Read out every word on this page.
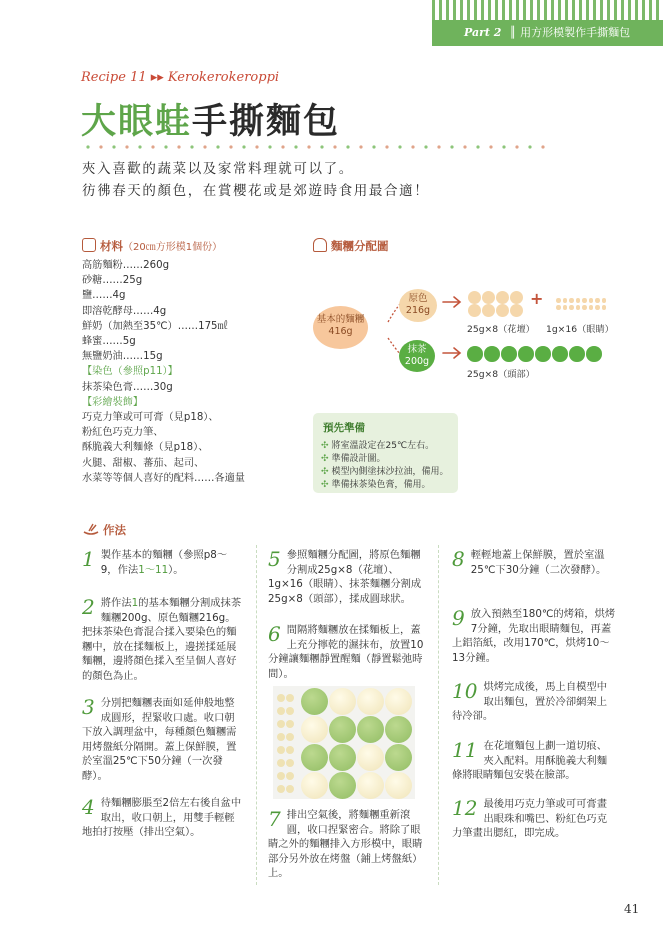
Part 2 ║ 用方形模製作手撕麵包
Recipe 11 ▸▸ Kerokerokeroppi
大眼蛙手撕麵包
夾入喜歡的蔬菜以及家常料理就可以了。
彷彿春天的顏色，在賞櫻花或是郊遊時食用最合適！
材料（20㎝方形模1個份）
高筋麵粉……260g
砂糖……25g
鹽……4g
即溶乾酵母……4g
鮮奶（加熱至35℃）……175㎖
蜂蜜……5g
無鹽奶油……15g
【染色（參照p11）】
抹茶染色膏……30g
【彩繪裝飾】
巧克力筆或可可膏（見p18）、
粉紅色巧克力筆、
酥脆義大利麵條（見p18）、
火腿、甜椒、蕃茄、起司、
水菜等等個人喜好的配料……各適量
麵糰分配圖
基本的麵糰
416g
原色
216g
抹茶
200g
+
25g×8（花壇） 1g×16（眼睛）
25g×8（頭部）
預先準備
✣ 將室溫設定在25℃左右。
✣ 準備設計圖。
✣ 模型內側塗抹沙拉油，備用。
✣ 準備抹茶染色膏，備用。
作法
1 製作基本的麵糰（參照p8～9，作法1～11）。
2 將作法1的基本麵糰分割成抹茶麵糰200g、原色麵糰216g。把抹茶染色膏混合揉入要染色的麵糰中，放在揉麵板上，邊搓揉延展麵糰，邊將顏色揉入至呈個人喜好的顏色為止。
3 分別把麵糰表面如延伸般地整成圓形，捏緊收口處。收口朝下放入調理盆中，每種顏色麵糰需用烤盤紙分隔開。蓋上保鮮膜，置於室溫25℃下50分鐘（一次發酵）。
4 待麵糰膨脹至2倍左右後自盆中取出，收口朝上，用雙手輕輕地拍打按壓（排出空氣）。
5 參照麵糰分配圖，將原色麵糰分割成25g×8（花壇）、1g×16（眼睛）、抹茶麵糰分割成25g×8（頭部），揉成圓球狀。
6 間隔將麵糰放在揉麵板上，蓋上充分擰乾的濕抹布，放置10分鐘讓麵糰靜置醒麵（靜置鬆弛時間）。
7 排出空氣後，將麵糰重新滾圓，收口捏緊密合。將除了眼睛之外的麵糰排入方形模中，眼睛部分另外放在烤盤（鋪上烤盤紙）上。
8 輕輕地蓋上保鮮膜，置於室溫25℃下30分鐘（二次發酵）。
9 放入預熱至180℃的烤箱，烘烤7分鐘，先取出眼睛麵包，再蓋上鋁箔紙，改用170℃，烘烤10～13分鐘。
10 烘烤完成後，馬上自模型中取出麵包，置於冷卻網架上待冷卻。
11 在花壇麵包上劃一道切痕、夾入配料。用酥脆義大利麵條將眼睛麵包安裝在臉部。
12 最後用巧克力筆或可可膏畫出眼珠和嘴巴、粉紅色巧克力筆畫出腮紅，即完成。
41
